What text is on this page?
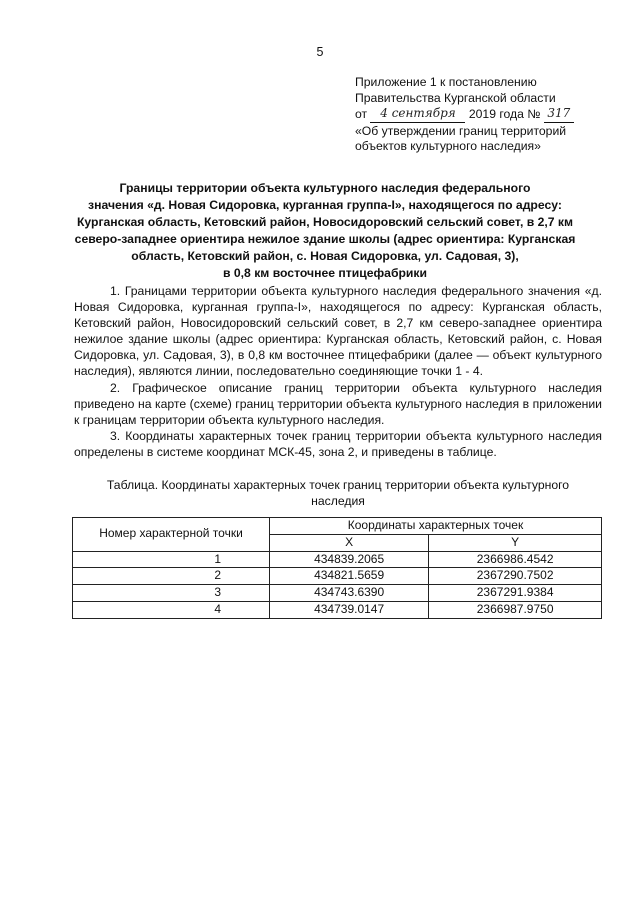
5
Приложение 1 к постановлению
Правительства Курганской области
от 4 сентября 2019 года № 317
«Об утверждении границ территорий
объектов культурного наследия»
Границы территории объекта культурного наследия федерального
значения «д. Новая Сидоровка, курганная группа-I», находящегося по адресу:
Курганская область, Кетовский район, Новосидоровский сельский совет, в 2,7 км
северо-западнее ориентира нежилое здание школы (адрес ориентира: Курганская
область, Кетовский район, с. Новая Сидоровка, ул. Садовая, 3),
в 0,8 км восточнее птицефабрики

1. Границами территории объекта культурного наследия федерального значения «д. Новая Сидоровка, курганная группа-I», находящегося по адресу: Курганская область, Кетовский район, Новосидоровский сельский совет, в 2,7 км северо-западнее ориентира нежилое здание школы (адрес ориентира: Курганская область, Кетовский район, с. Новая Сидоровка, ул. Садовая, 3), в 0,8 км восточнее птицефабрики (далее — объект культурного наследия), являются линии, последовательно соединяющие точки 1 - 4.

2. Графическое описание границ территории объекта культурного наследия приведено на карте (схеме) границ территории объекта культурного наследия в приложении к границам территории объекта культурного наследия.

3. Координаты характерных точек границ территории объекта культурного наследия определены в системе координат МСК-45, зона 2, и приведены в таблице.

Таблица. Координаты характерных точек границ территории объекта культурного
наследия
Номер характерной точки	Координаты характерных точек	
	X	Y
1	434839.2065	2366986.4542
2	434821.5659	2367290.7502
3	434743.6390	2367291.9384
4	434739.0147	2366987.9750
